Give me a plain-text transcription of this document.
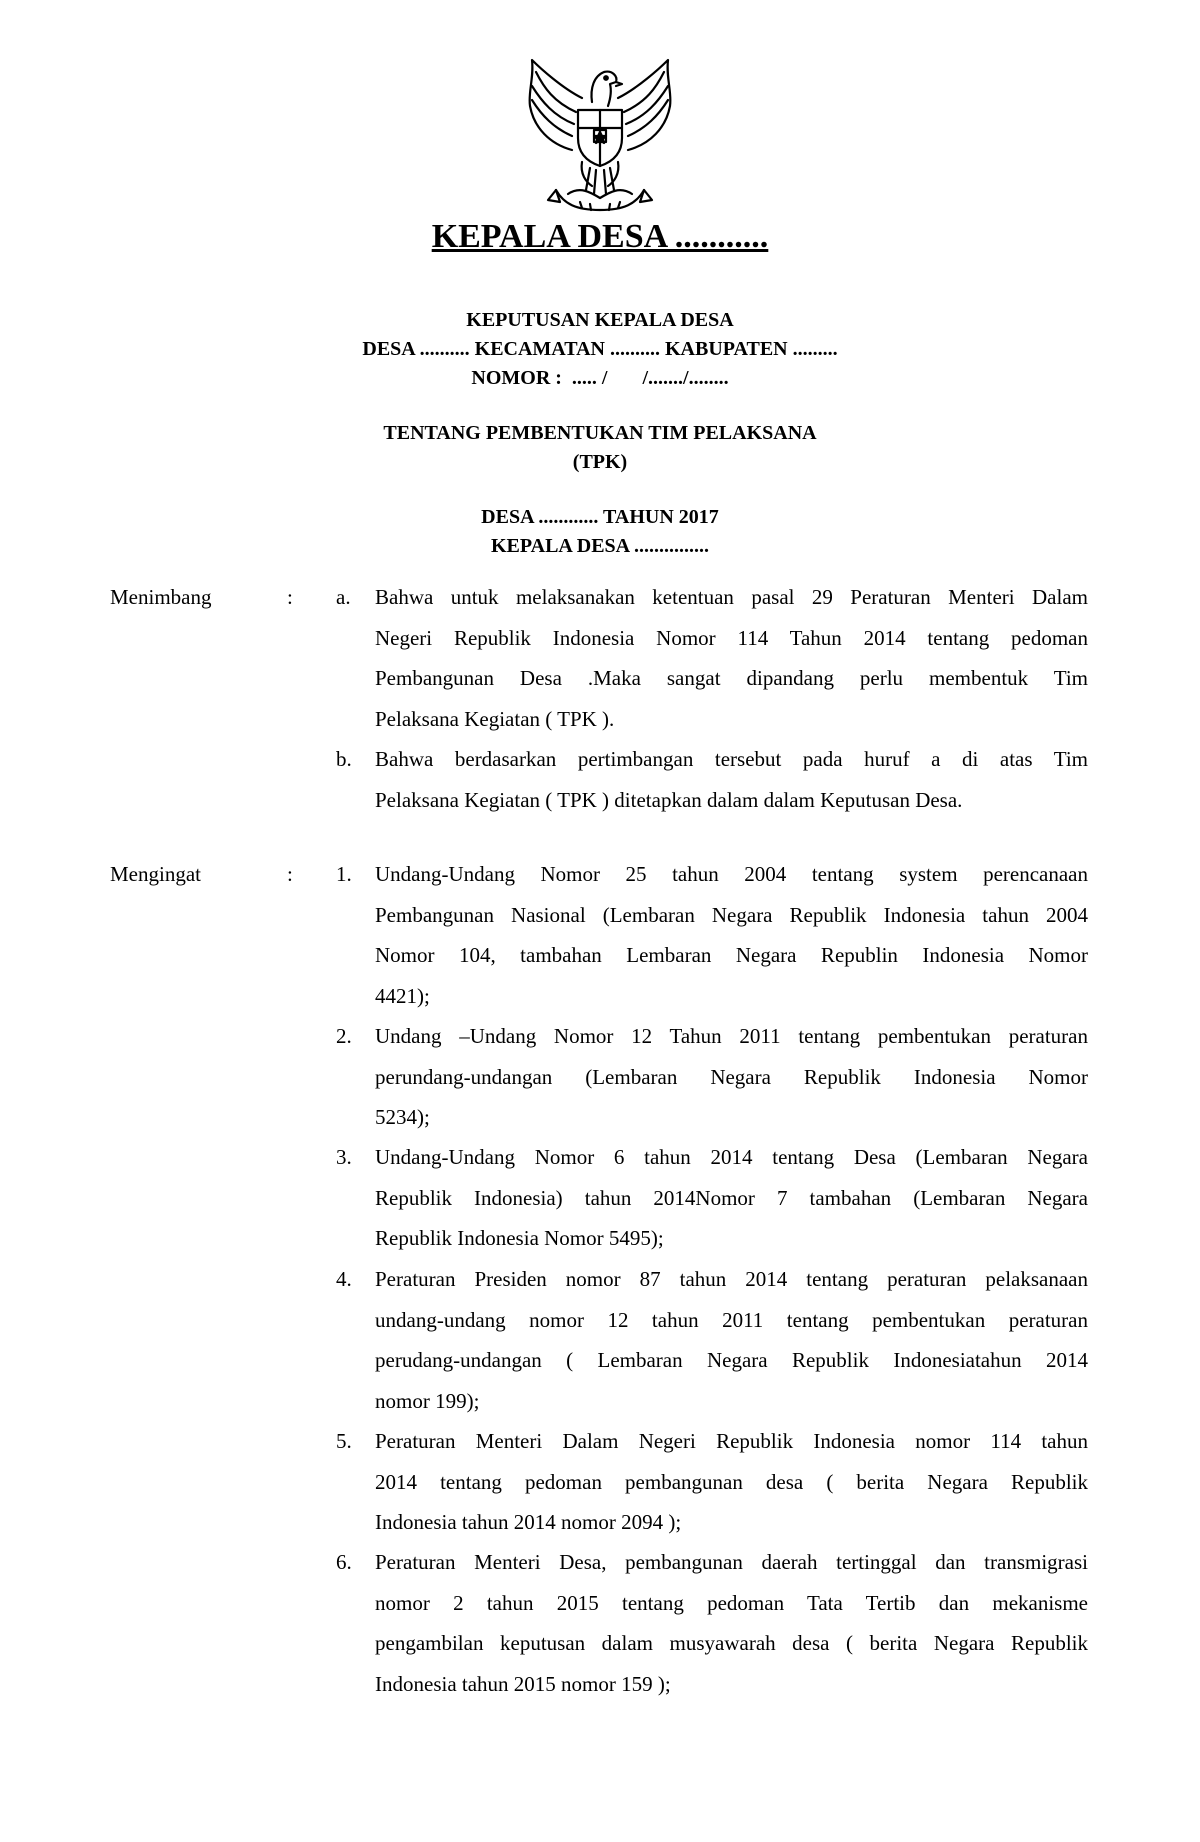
KEPALA DESA ...........
KEPUTUSAN KEPALA DESA
DESA .......... KECAMATAN .......... KABUPATEN .........
NOMOR :  ..... /       /......./........
TENTANG PEMBENTUKAN TIM PELAKSANA
(TPK)
DESA ............ TAHUN 2017
KEPALA DESA ...............
Menimbang	: a.	Bahwa untuk melaksanakan ketentuan pasal 29 Peraturan Menteri Dalam
Negeri Republik Indonesia Nomor 114 Tahun 2014 tentang pedoman
Pembangunan Desa .Maka sangat dipandang perlu membentuk Tim
Pelaksana Kegiatan ( TPK ).
b.	Bahwa berdasarkan pertimbangan tersebut pada huruf a di atas Tim
Pelaksana Kegiatan ( TPK ) ditetapkan dalam dalam Keputusan Desa.
Mengingat	: 1.	Undang-Undang Nomor 25 tahun 2004 tentang system perencanaan
Pembangunan Nasional (Lembaran Negara Republik Indonesia tahun 2004
Nomor 104, tambahan Lembaran Negara Republin Indonesia Nomor
4421);
2.	Undang –Undang Nomor 12 Tahun 2011 tentang pembentukan peraturan
perundang-undangan (Lembaran Negara Republik Indonesia Nomor
5234);
3.	Undang-Undang Nomor 6 tahun 2014 tentang Desa (Lembaran Negara
Republik Indonesia) tahun 2014Nomor 7 tambahan (Lembaran Negara
Republik Indonesia Nomor 5495);
4.	Peraturan Presiden nomor 87 tahun 2014 tentang peraturan pelaksanaan
undang-undang nomor 12 tahun 2011 tentang pembentukan peraturan
perudang-undangan ( Lembaran Negara Republik Indonesiatahun 2014
nomor 199);
5.	Peraturan Menteri Dalam Negeri Republik Indonesia nomor 114 tahun
2014 tentang pedoman pembangunan desa ( berita Negara Republik
Indonesia tahun 2014 nomor 2094 );
6.	Peraturan Menteri Desa, pembangunan daerah tertinggal dan transmigrasi
nomor 2 tahun 2015 tentang pedoman Tata Tertib dan mekanisme
pengambilan keputusan dalam musyawarah desa ( berita Negara Republik
Indonesia tahun 2015 nomor 159 );
